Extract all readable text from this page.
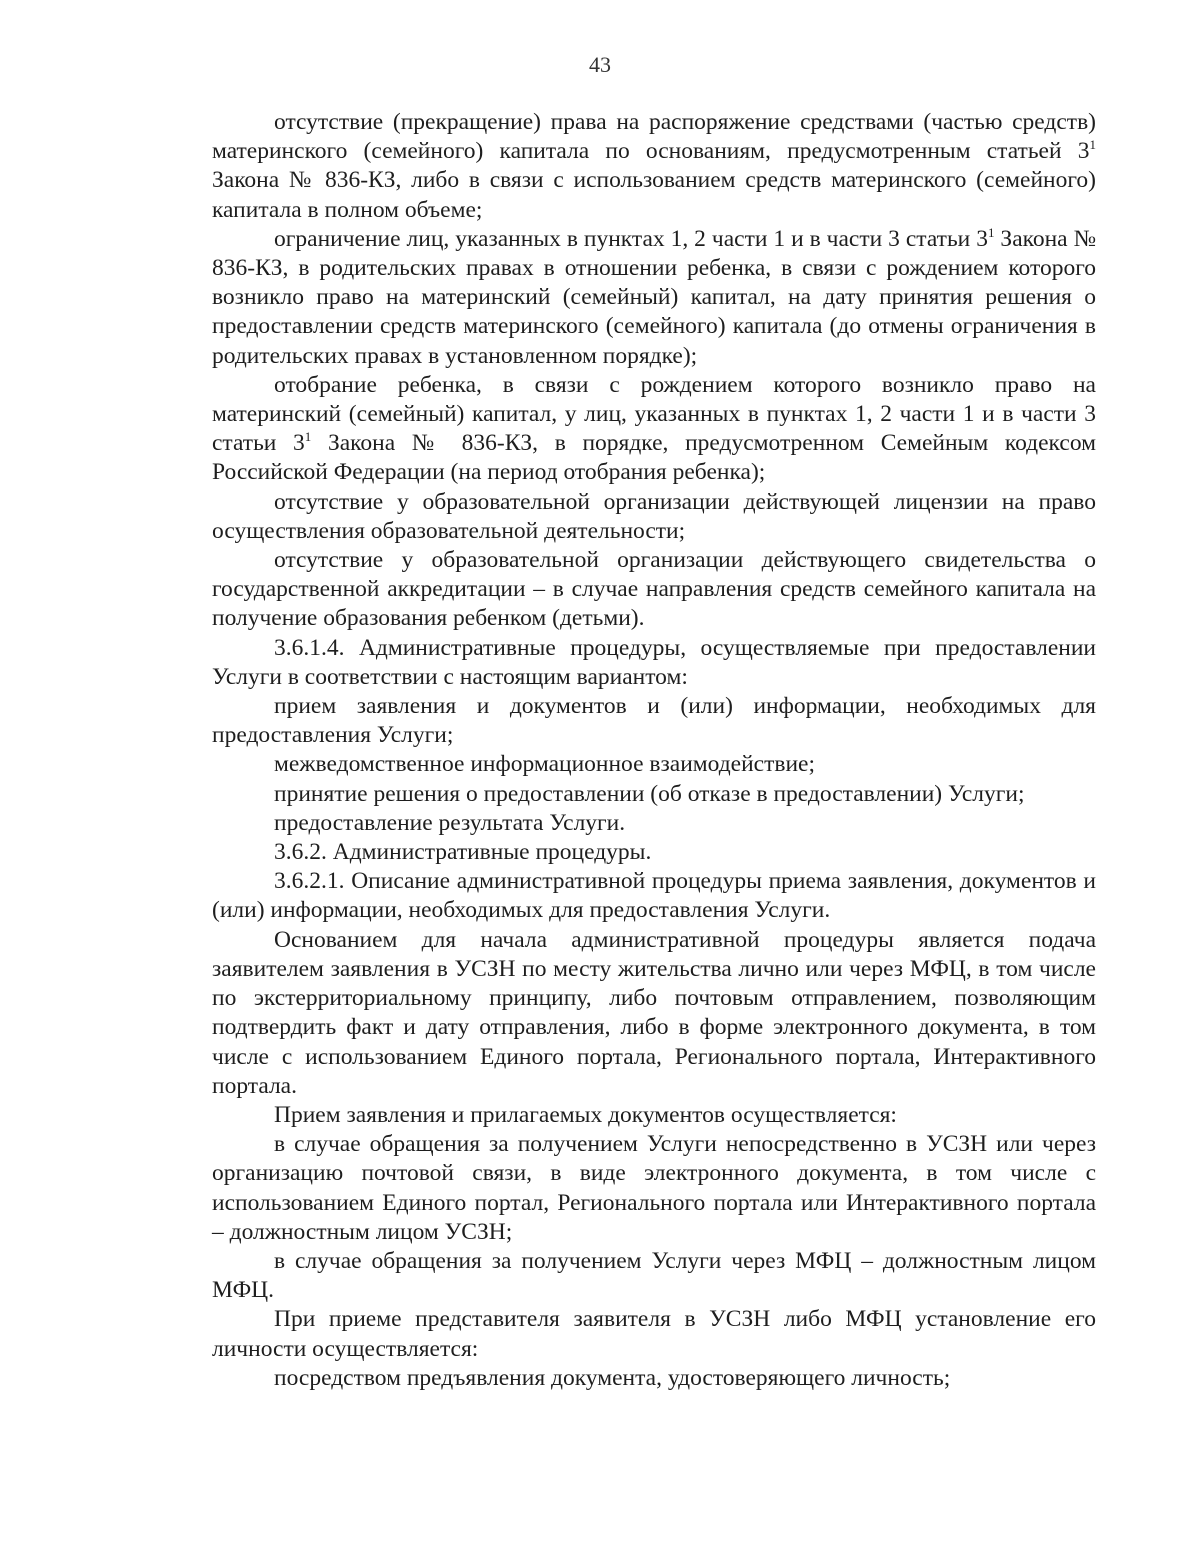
43

отсутствие (прекращение) права на распоряжение средствами (частью средств) материнского (семейного) капитала по основаниям, предусмотренным статьей $3^1$ Закона № 836-КЗ, либо в связи с использованием средств материнского (семейного) капитала в полном объеме;

ограничение лиц, указанных в пунктах 1, 2 части 1 и в части 3 статьи $3^1$ Закона № 836-КЗ, в родительских правах в отношении ребенка, в связи с рождением которого возникло право на материнский (семейный) капитал, на дату принятия решения о предоставлении средств материнского (семейного) капитала (до отмены ограничения в родительских правах в установленном порядке);

отобрание ребенка, в связи с рождением которого возникло право на материнский (семейный) капитал, у лиц, указанных в пунктах 1, 2 части 1 и в части 3 статьи $3^1$ Закона № 836-КЗ, в порядке, предусмотренном Семейным кодексом Российской Федерации (на период отобрания ребенка);

отсутствие у образовательной организации действующей лицензии на право осуществления образовательной деятельности;

отсутствие у образовательной организации действующего свидетельства о государственной аккредитации – в случае направления средств семейного капитала на получение образования ребенком (детьми).

3.6.1.4. Административные процедуры, осуществляемые при предоставлении Услуги в соответствии с настоящим вариантом:

прием заявления и документов и (или) информации, необходимых для предоставления Услуги;

межведомственное информационное взаимодействие;

принятие решения о предоставлении (об отказе в предоставлении) Услуги;

предоставление результата Услуги.

3.6.2. Административные процедуры.

3.6.2.1. Описание административной процедуры приема заявления, документов и (или) информации, необходимых для предоставления Услуги.

Основанием для начала административной процедуры является подача заявителем заявления в УСЗН по месту жительства лично или через МФЦ, в том числе по экстерриториальному принципу, либо почтовым отправлением, позволяющим подтвердить факт и дату отправления, либо в форме электронного документа, в том числе с использованием Единого портала, Регионального портала, Интерактивного портала.

Прием заявления и прилагаемых документов осуществляется:

в случае обращения за получением Услуги непосредственно в УСЗН или через организацию почтовой связи, в виде электронного документа, в том числе с использованием Единого портал, Регионального портала или Интерактивного портала – должностным лицом УСЗН;

в случае обращения за получением Услуги через МФЦ – должностным лицом МФЦ.

При приеме представителя заявителя в УСЗН либо МФЦ установление его личности осуществляется:

посредством предъявления документа, удостоверяющего личность;
